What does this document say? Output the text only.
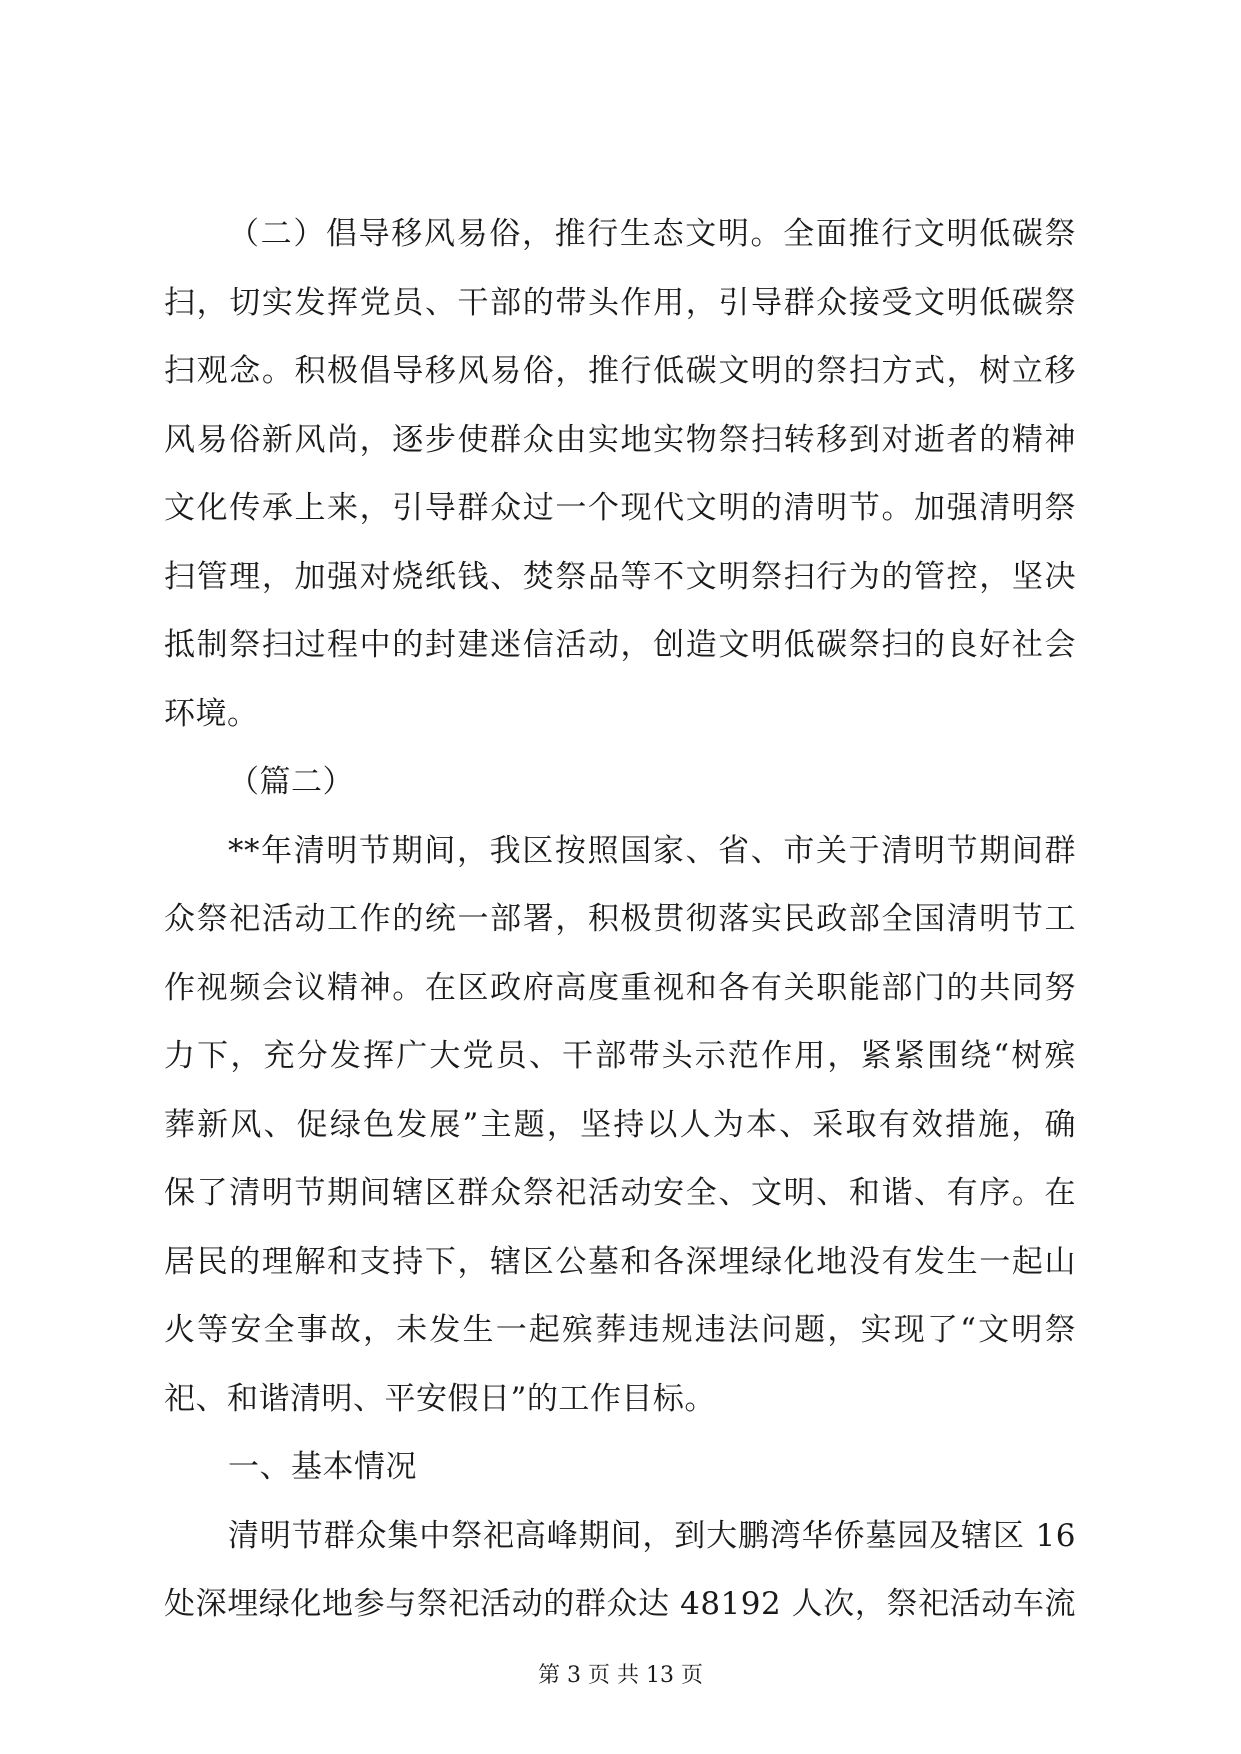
（二）倡导移风易俗，推行生态文明。全面推行文明低碳祭
扫，切实发挥党员、干部的带头作用，引导群众接受文明低碳祭
扫观念。积极倡导移风易俗，推行低碳文明的祭扫方式，树立移
风易俗新风尚，逐步使群众由实地实物祭扫转移到对逝者的精神
文化传承上来，引导群众过一个现代文明的清明节。加强清明祭
扫管理，加强对烧纸钱、焚祭品等不文明祭扫行为的管控，坚决
抵制祭扫过程中的封建迷信活动，创造文明低碳祭扫的良好社会
环境。
（篇二）
**年清明节期间，我区按照国家、省、市关于清明节期间群
众祭祀活动工作的统一部署，积极贯彻落实民政部全国清明节工
作视频会议精神。在区政府高度重视和各有关职能部门的共同努
力下，充分发挥广大党员、干部带头示范作用，紧紧围绕“树殡
葬新风、促绿色发展”主题，坚持以人为本、采取有效措施，确
保了清明节期间辖区群众祭祀活动安全、文明、和谐、有序。在
居民的理解和支持下，辖区公墓和各深埋绿化地没有发生一起山
火等安全事故，未发生一起殡葬违规违法问题，实现了“文明祭
祀、和谐清明、平安假日”的工作目标。
一、基本情况
清明节群众集中祭祀高峰期间，到大鹏湾华侨墓园及辖区 16
处深埋绿化地参与祭祀活动的群众达 48192 人次，祭祀活动车流
第 3 页 共 13 页
